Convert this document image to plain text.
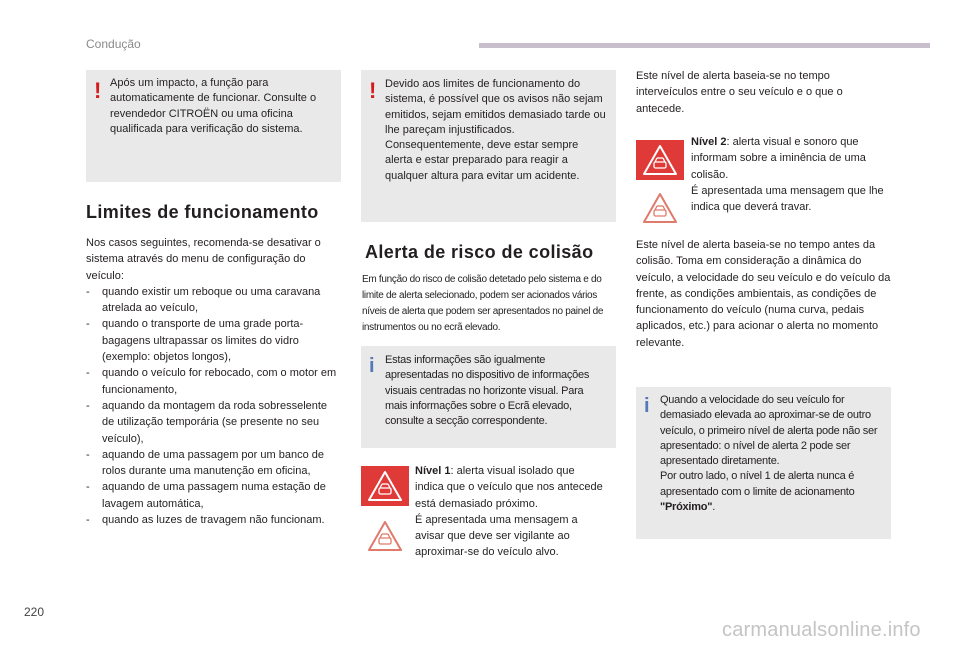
Condução
! Após um impacto, a função para automaticamente de funcionar. Consulte o revendedor CITROËN ou uma oficina qualificada para verificação do sistema.

Limites de funcionamento

Nos casos seguintes, recomenda-se desativar o sistema através do menu de configuração do veículo:

- quando existir um reboque ou uma caravana atrelada ao veículo,
- quando o transporte de uma grade porta-bagagens ultrapassar os limites do vidro (exemplo: objetos longos),
- quando o veículo for rebocado, com o motor em funcionamento,
- aquando da montagem da roda sobresselente de utilização temporária (se presente no seu veículo),
- aquando de uma passagem por um banco de rolos durante uma manutenção em oficina,
- aquando de uma passagem numa estação de lavagem automática,
- quando as luzes de travagem não funcionam.
! Devido aos limites de funcionamento do sistema, é possível que os avisos não sejam emitidos, sejam emitidos demasiado tarde ou lhe pareçam injustificados. Consequentemente, deve estar sempre alerta e estar preparado para reagir a qualquer altura para evitar um acidente.

Alerta de risco de colisão

Em função do risco de colisão detetado pelo sistema e do limite de alerta selecionado, podem ser acionados vários níveis de alerta que podem ser apresentados no painel de instrumentos ou no ecrã elevado.

i Estas informações são igualmente apresentadas no dispositivo de informações visuais centradas no horizonte visual. Para mais informações sobre o Ecrã elevado, consulte a secção correspondente.

Nível 1: alerta visual isolado que indica que o veículo que nos antecede está demasiado próximo.

É apresentada uma mensagem a avisar que deve ser vigilante ao aproximar-se do veículo alvo.

Este nível de alerta baseia-se no tempo interveículos entre o seu veículo e o que o antecede.

Nível 2: alerta visual e sonoro que informam sobre a iminência de uma colisão.

É apresentada uma mensagem que lhe indica que deverá travar.

Este nível de alerta baseia-se no tempo antes da colisão. Toma em consideração a dinâmica do veículo, a velocidade do seu veículo e do veículo da frente, as condições ambientais, as condições de funcionamento do veículo (numa curva, pedais aplicados, etc.) para acionar o alerta no momento relevante.

i Quando a velocidade do seu veículo for demasiado elevada ao aproximar-se de outro veículo, o primeiro nível de alerta pode não ser apresentado: o nível de alerta 2 pode ser apresentado diretamente.

Por outro lado, o nível 1 de alerta nunca é apresentado com o limite de acionamento "Próximo".

220
carmanualsonline.info
